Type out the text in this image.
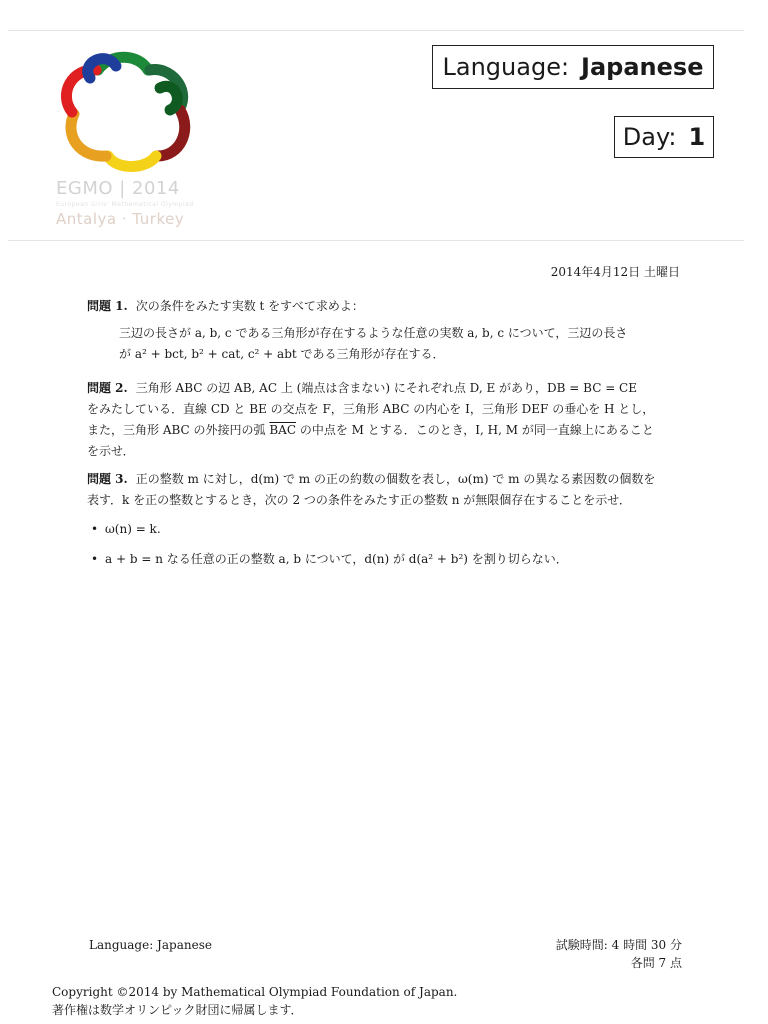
EGMO | 2014
European Girls' Mathematical Olympiad
Antalya · Turkey
Language: Japanese
Day: 1
2014年4月12日 土曜日
問題 1. 次の条件をみたす実数 t をすべて求めよ：
三辺の長さが a, b, c である三角形が存在するような任意の実数 a, b, c について，三辺の長さ
が a² + bct, b² + cat, c² + abt である三角形が存在する．
問題 2. 三角形 ABC の辺 AB, AC 上 (端点は含まない) にそれぞれ点 D, E があり，DB = BC = CE
をみたしている．直線 CD と BE の交点を F，三角形 ABC の内心を I，三角形 DEF の垂心を H とし，
また，三角形 ABC の外接円の弧 $\overline{BAC}$ の中点を M とする．このとき，I, H, M が同一直線上にあること
を示せ．
問題 3. 正の整数 m に対し，d(m) で m の正の約数の個数を表し，ω(m) で m の異なる素因数の個数を
表す．k を正の整数とするとき，次の 2 つの条件をみたす正の整数 n が無限個存在することを示せ．
• ω(n) = k.
• a + b = n なる任意の正の整数 a, b について，d(n) が d(a² + b²) を割り切らない．
Language: Japanese	試験時間: 4 時間 30 分
各問 7 点
Copyright ©2014 by Mathematical Olympiad Foundation of Japan.
著作権は数学オリンピック財団に帰属します．
